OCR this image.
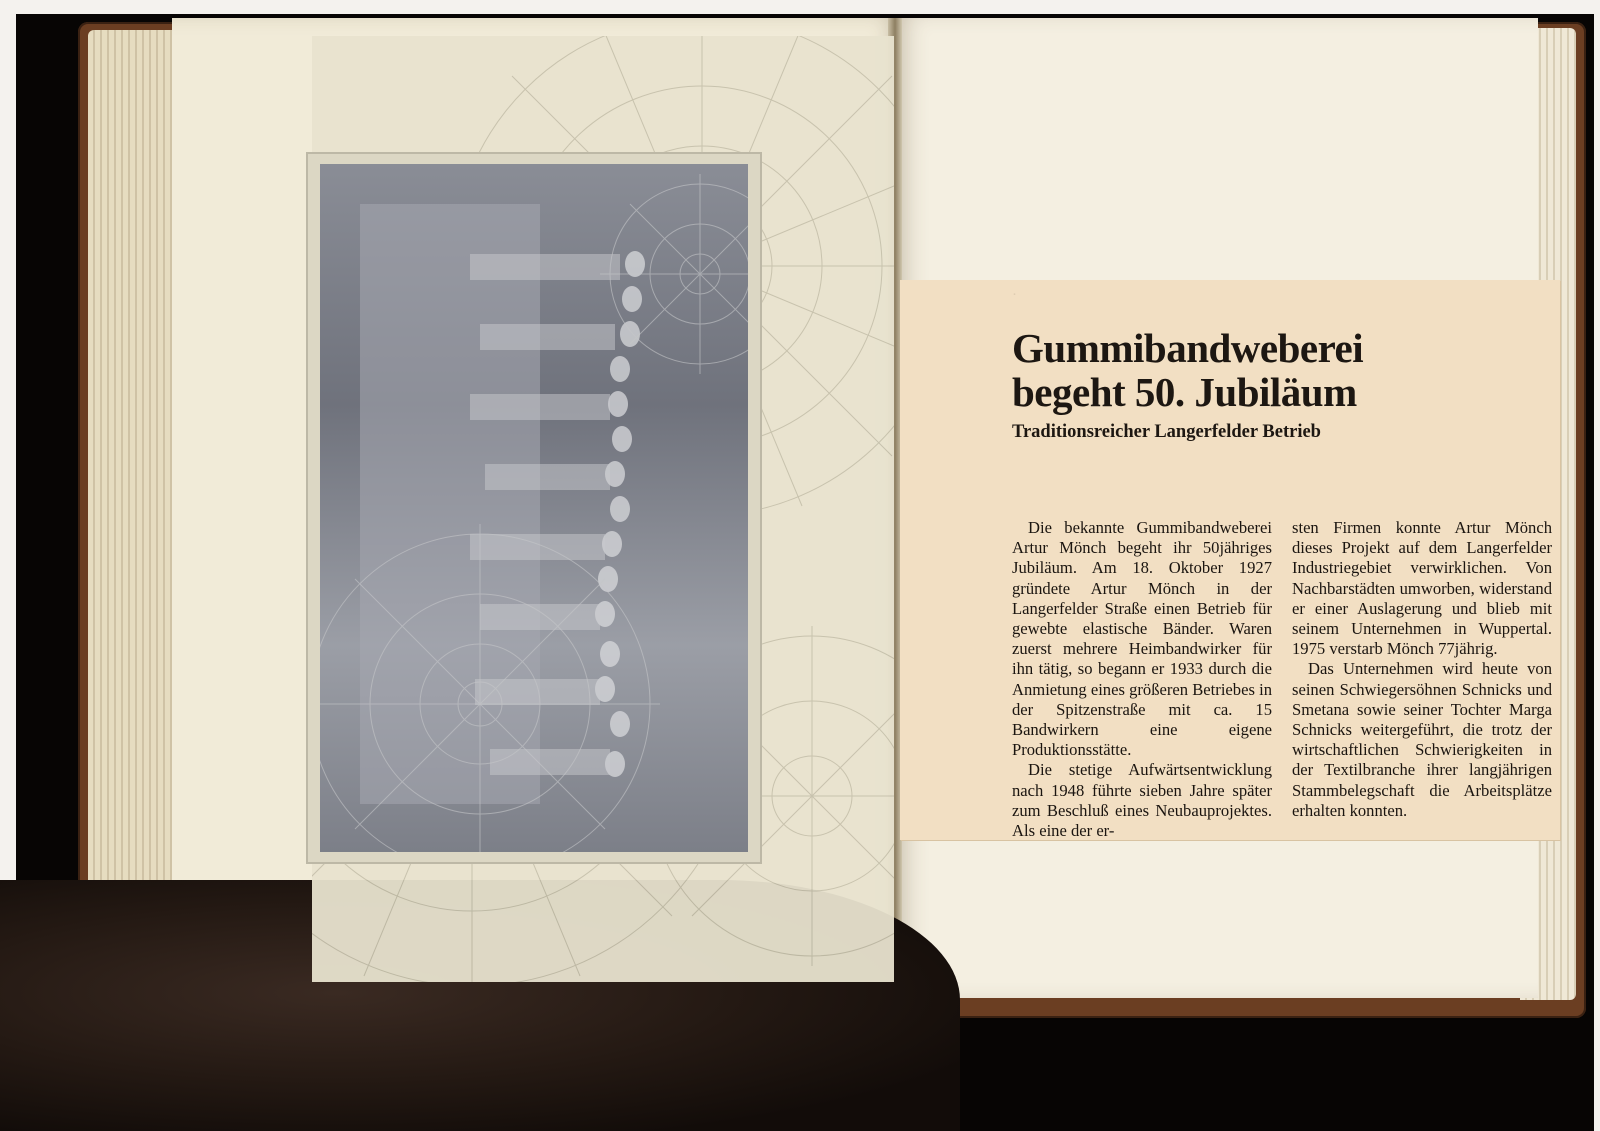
·
Gummibandweberei
begeht 50. Jubiläum
Traditionsreicher Langerfelder Betrieb

Die bekannte Gummibandweberei Artur Mönch begeht ihr 50jähriges Jubiläum. Am 18. Oktober 1927 gründete Artur Mönch in der Langerfelder Straße einen Betrieb für gewebte elastische Bänder. Waren zuerst mehrere Heimbandwirker für ihn tätig, so begann er 1933 durch die Anmietung eines größeren Betriebes in der Spitzenstraße mit ca. 15 Bandwirkern eine eigene Produktionsstätte.

Die stetige Aufwärtsentwicklung nach 1948 führte sieben Jahre später zum Beschluß eines Neubauprojektes. Als eine der er-

sten Firmen konnte Artur Mönch dieses Projekt auf dem Langerfelder Industriegebiet verwirklichen. Von Nachbarstädten umworben, widerstand er einer Auslagerung und blieb mit seinem Unternehmen in Wuppertal. 1975 verstarb Mönch 77jährig.

Das Unternehmen wird heute von seinen Schwiegersöhnen Schnicks und Smetana sowie seiner Tochter Marga Schnicks weitergeführt, die trotz der wirtschaftlichen Schwierigkeiten in der Textilbranche ihrer langjährigen Stammbelegschaft die Arbeitsplätze erhalten konnten.
